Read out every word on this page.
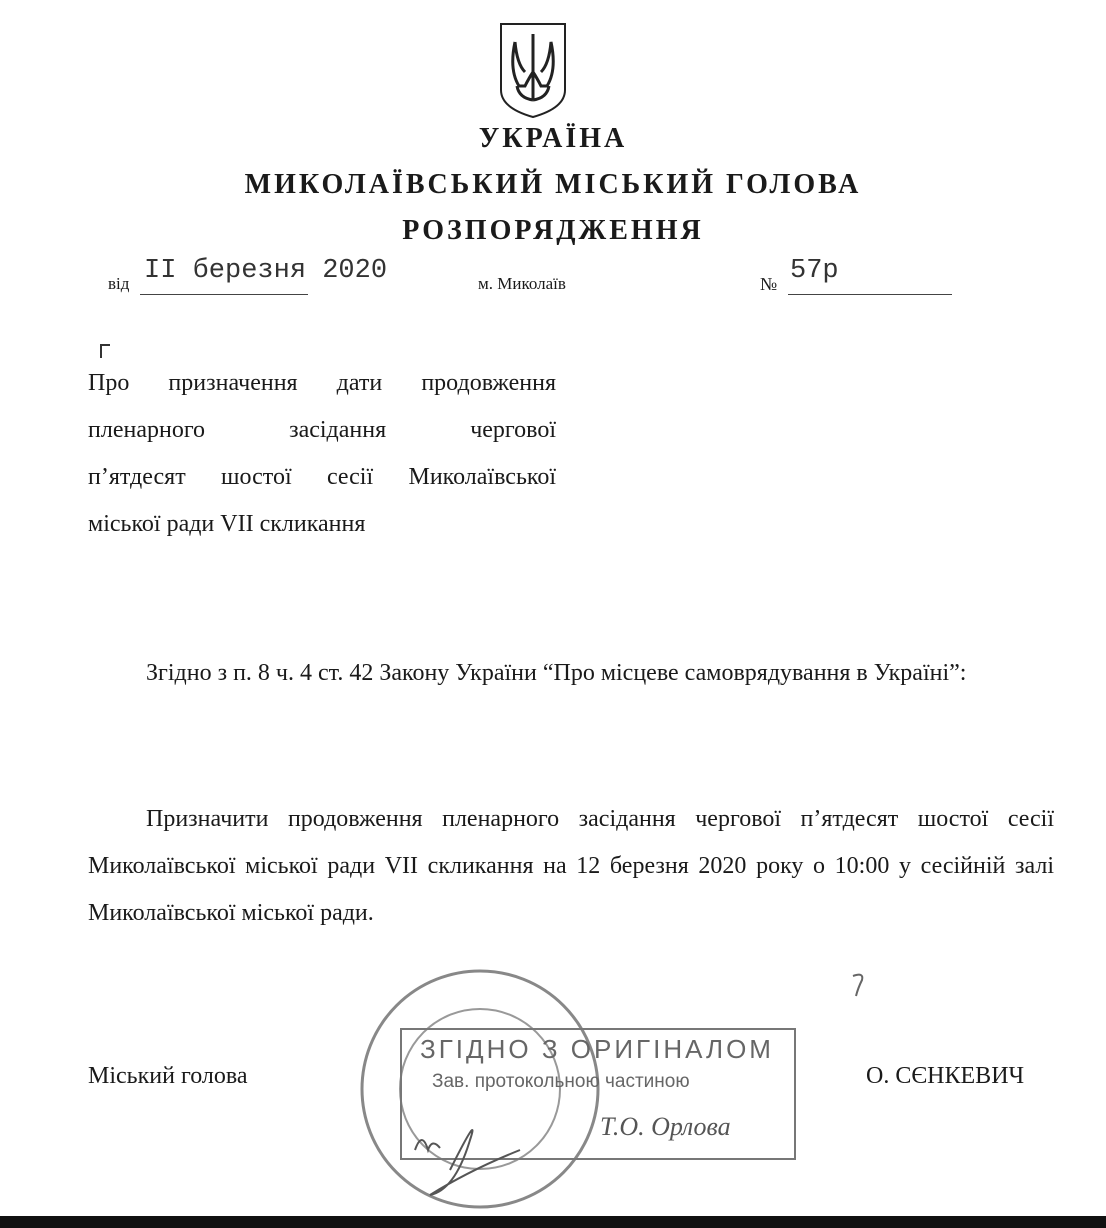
УКРАЇНА
МИКОЛАЇВСЬКИЙ МІСЬКИЙ ГОЛОВА
РОЗПОРЯДЖЕННЯ
від II березня 2020	м. Миколаїв	№ 57р
Про призначення дати продовження
пленарного засідання чергової
п’ятдесят шостої сесії Миколаївської
міської ради VII скликання
Згідно з п. 8 ч. 4 ст. 42 Закону України “Про місцеве самоврядування в Україні”:
Призначити продовження пленарного засідання чергової п’ятдесят шостої сесії Миколаївської міської ради VII скликання на 12 березня 2020 року о 10:00 у сесійній залі Миколаївської міської ради.
Міський голова	О. СЄНКЕВИЧ
ЗГІДНО З ОРИГІНАЛОМ
Зав. протокольною частиною
Т.О. Орлова
